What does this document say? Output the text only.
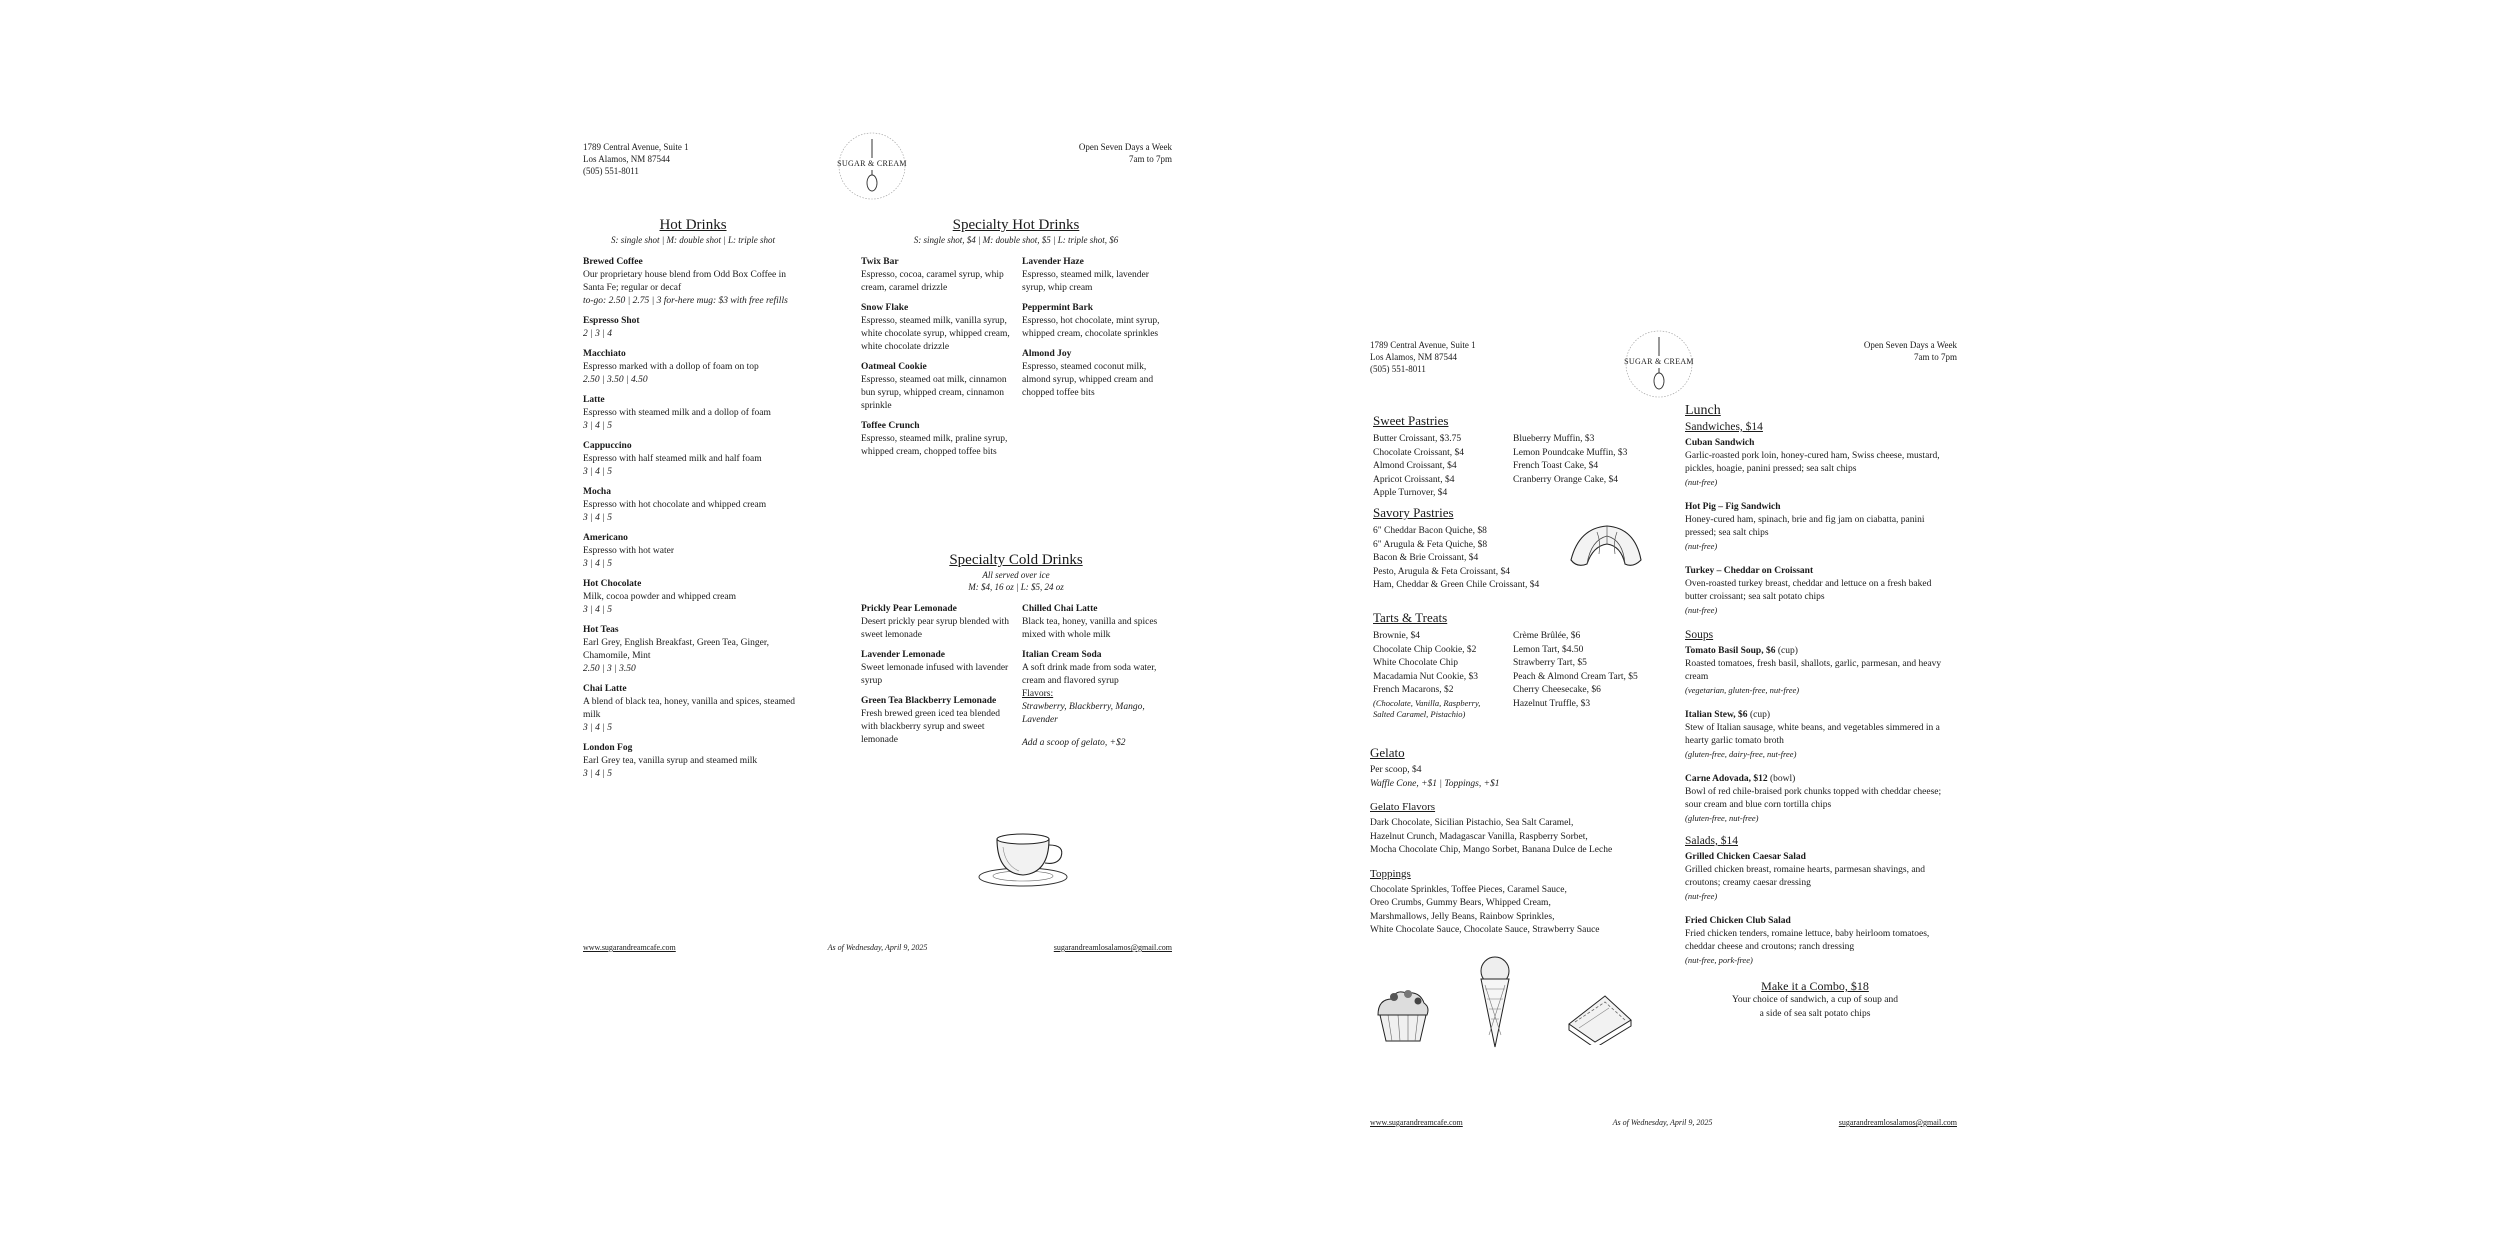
1789 Central Avenue, Suite 1
Los Alamos, NM 87544
(505) 551-8011
SUGAR & CREAM
Open Seven Days a Week
7am to 7pm
Hot Drinks
S: single shot | M: double shot | L: triple shot
Brewed Coffee
Our proprietary house blend from Odd Box Coffee in Santa Fe; regular or decaf
to-go: 2.50 | 2.75 | 3 for-here mug: $3 with free refills
Espresso Shot
2 | 3 | 4
Macchiato
Espresso marked with a dollop of foam on top
2.50 | 3.50 | 4.50
Latte
Espresso with steamed milk and a dollop of foam
3 | 4 | 5
Cappuccino
Espresso with half steamed milk and half foam
3 | 4 | 5
Mocha
Espresso with hot chocolate and whipped cream
3 | 4 | 5
Americano
Espresso with hot water
3 | 4 | 5
Hot Chocolate
Milk, cocoa powder and whipped cream
3 | 4 | 5
Hot Teas
Earl Grey, English Breakfast, Green Tea, Ginger, Chamomile, Mint
2.50 | 3 | 3.50
Chai Latte
A blend of black tea, honey, vanilla and spices, steamed milk
3 | 4 | 5
London Fog
Earl Grey tea, vanilla syrup and steamed milk
3 | 4 | 5
Specialty Hot Drinks
S: single shot, $4 | M: double shot, $5 | L: triple shot, $6
Twix Bar
Espresso, cocoa, caramel syrup, whip cream, caramel drizzle
Snow Flake
Espresso, steamed milk, vanilla syrup, white chocolate syrup, whipped cream, white chocolate drizzle
Oatmeal Cookie
Espresso, steamed oat milk, cinnamon bun syrup, whipped cream, cinnamon sprinkle
Toffee Crunch
Espresso, steamed milk, praline syrup, whipped cream, chopped toffee bits
Lavender Haze
Espresso, steamed milk, lavender syrup, whip cream
Peppermint Bark
Espresso, hot chocolate, mint syrup, whipped cream, chocolate sprinkles
Almond Joy
Espresso, steamed coconut milk, almond syrup, whipped cream and chopped toffee bits
Specialty Cold Drinks
All served over ice
M: $4, 16 oz | L: $5, 24 oz
Prickly Pear Lemonade
Desert prickly pear syrup blended with sweet lemonade
Lavender Lemonade
Sweet lemonade infused with lavender syrup
Green Tea Blackberry Lemonade
Fresh brewed green iced tea blended with blackberry syrup and sweet lemonade
Chilled Chai Latte
Black tea, honey, vanilla and spices mixed with whole milk
Italian Cream Soda
A soft drink made from soda water, cream and flavored syrup
Flavors:
Strawberry, Blackberry, Mango, Lavender
Add a scoop of gelato, +$2
www.sugarandreamcafe.com	As of Wednesday, April 9, 2025	sugarandreamlosalamos@gmail.com
1789 Central Avenue, Suite 1
Los Alamos, NM 87544
(505) 551-8011
SUGAR & CREAM
Open Seven Days a Week
7am to 7pm
Sweet Pastries
Butter Croissant, $3.75
Chocolate Croissant, $4
Almond Croissant, $4
Apricot Croissant, $4
Apple Turnover, $4
Blueberry Muffin, $3
Lemon Poundcake Muffin, $3
French Toast Cake, $4
Cranberry Orange Cake, $4
Savory Pastries
6" Cheddar Bacon Quiche, $8
6" Arugula & Feta Quiche, $8
Bacon & Brie Croissant, $4
Pesto, Arugula & Feta Croissant, $4
Ham, Cheddar & Green Chile Croissant, $4
Tarts & Treats
Brownie, $4
Chocolate Chip Cookie, $2
White Chocolate Chip
Macadamia Nut Cookie, $3
French Macarons, $2
(Chocolate, Vanilla, Raspberry, Salted Caramel, Pistachio)
Crème Brûlée, $6
Lemon Tart, $4.50
Strawberry Tart, $5
Peach & Almond Cream Tart, $5
Cherry Cheesecake, $6
Hazelnut Truffle, $3
Gelato
Per scoop, $4
Waffle Cone, +$1 | Toppings, +$1
Gelato Flavors
Dark Chocolate, Sicilian Pistachio, Sea Salt Caramel,
Hazelnut Crunch, Madagascar Vanilla, Raspberry Sorbet,
Mocha Chocolate Chip, Mango Sorbet, Banana Dulce de Leche
Toppings
Chocolate Sprinkles, Toffee Pieces, Caramel Sauce,
Oreo Crumbs, Gummy Bears, Whipped Cream,
Marshmallows, Jelly Beans, Rainbow Sprinkles,
White Chocolate Sauce, Chocolate Sauce, Strawberry Sauce
Lunch
Sandwiches, $14
Cuban Sandwich
Garlic-roasted pork loin, honey-cured ham, Swiss cheese, mustard, pickles, hoagie, panini pressed; sea salt chips
(nut-free)
Hot Pig – Fig Sandwich
Honey-cured ham, spinach, brie and fig jam on ciabatta, panini pressed; sea salt chips
(nut-free)
Turkey – Cheddar on Croissant
Oven-roasted turkey breast, cheddar and lettuce on a fresh baked butter croissant; sea salt potato chips
(nut-free)
Soups
Tomato Basil Soup, $6 (cup)
Roasted tomatoes, fresh basil, shallots, garlic, parmesan, and heavy cream
(vegetarian, gluten-free, nut-free)
Italian Stew, $6 (cup)
Stew of Italian sausage, white beans, and vegetables simmered in a hearty garlic tomato broth
(gluten-free, dairy-free, nut-free)
Carne Adovada, $12 (bowl)
Bowl of red chile-braised pork chunks topped with cheddar cheese; sour cream and blue corn tortilla chips
(gluten-free, nut-free)
Salads, $14
Grilled Chicken Caesar Salad
Grilled chicken breast, romaine hearts, parmesan shavings, and croutons; creamy caesar dressing
(nut-free)
Fried Chicken Club Salad
Fried chicken tenders, romaine lettuce, baby heirloom tomatoes, cheddar cheese and croutons; ranch dressing
(nut-free, pork-free)
Make it a Combo, $18
Your choice of sandwich, a cup of soup and
a side of sea salt potato chips
www.sugarandreamcafe.com	As of Wednesday, April 9, 2025	sugarandreamlosalamos@gmail.com
